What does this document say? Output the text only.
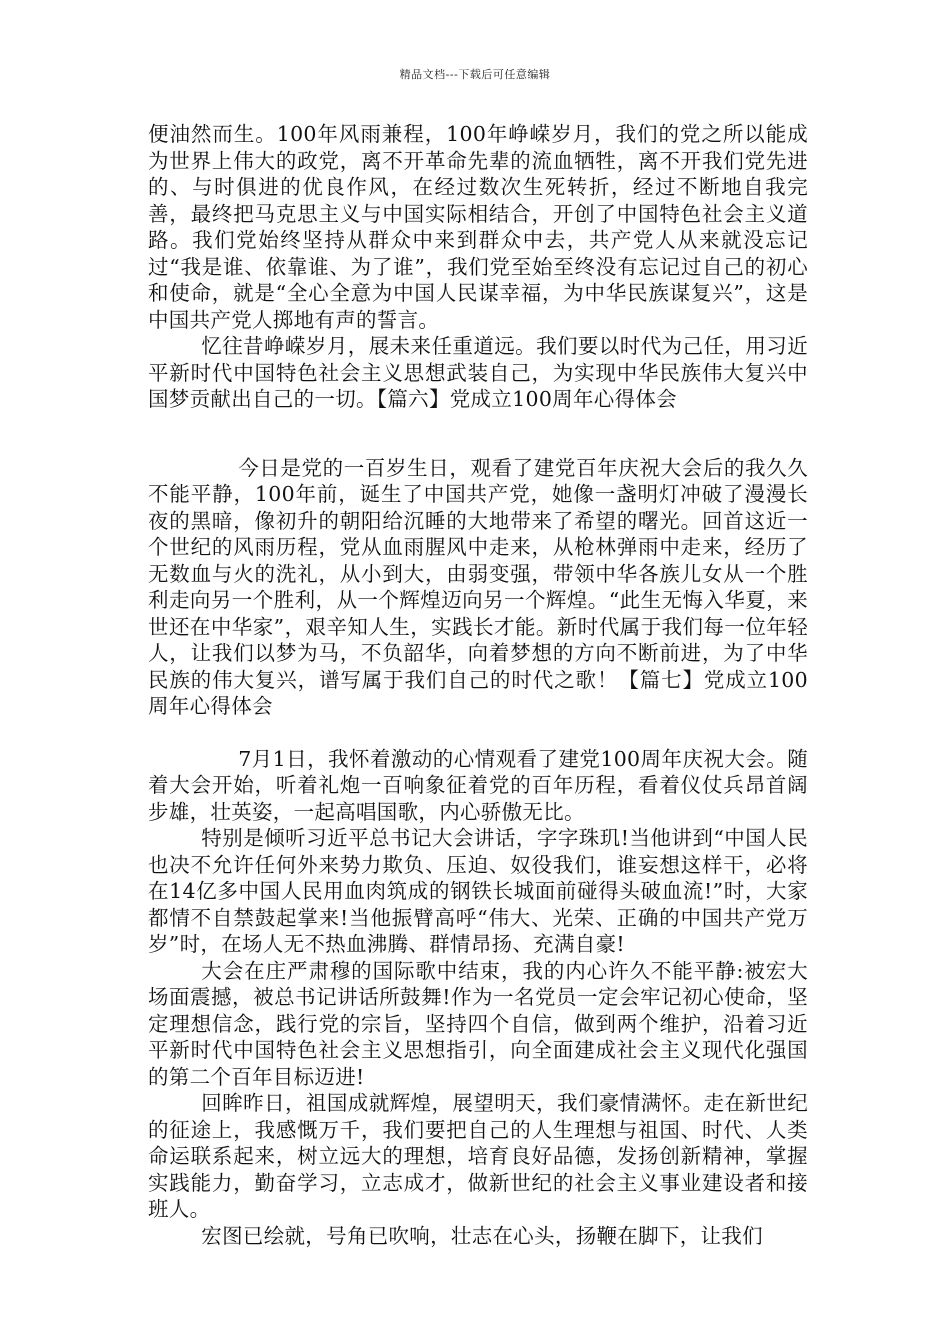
精品文档---下载后可任意编辑

便油然而生。100年风雨兼程，100年峥嵘岁月，我们的党之所以能成为世界上伟大的政党，离不开革命先辈的流血牺牲，离不开我们党先进的、与时俱进的优良作风，在经过数次生死转折，经过不断地自我完善，最终把马克思主义与中国实际相结合，开创了中国特色社会主义道路。我们党始终坚持从群众中来到群众中去，共产党人从来就没忘记过“我是谁、依靠谁、为了谁”，我们党至始至终没有忘记过自己的初心和使命，就是“全心全意为中国人民谋幸福，为中华民族谋复兴”，这是中国共产党人掷地有声的誓言。

忆往昔峥嵘岁月，展未来任重道远。我们要以时代为己任，用习近平新时代中国特色社会主义思想武装自己，为实现中华民族伟大复兴中国梦贡献出自己的一切。【篇六】党成立100周年心得体会

今日是党的一百岁生日，观看了建党百年庆祝大会后的我久久不能平静，100年前，诞生了中国共产党，她像一盏明灯冲破了漫漫长夜的黑暗，像初升的朝阳给沉睡的大地带来了希望的曙光。回首这近一个世纪的风雨历程，党从血雨腥风中走来，从枪林弹雨中走来，经历了无数血与火的洗礼，从小到大，由弱变强，带领中华各族儿女从一个胜利走向另一个胜利，从一个辉煌迈向另一个辉煌。“此生无悔入华夏，来世还在中华家”，艰辛知人生，实践长才能。新时代属于我们每一位年轻人，让我们以梦为马，不负韶华，向着梦想的方向不断前进，为了中华民族的伟大复兴，谱写属于我们自己的时代之歌！【篇七】党成立100周年心得体会

7月1日，我怀着激动的心情观看了建党100周年庆祝大会。随着大会开始，听着礼炮一百响象征着党的百年历程，看着仪仗兵昂首阔步雄，壮英姿，一起高唱国歌，内心骄傲无比。

特别是倾听习近平总书记大会讲话，字字珠玑!当他讲到“中国人民也决不允许任何外来势力欺负、压迫、奴役我们，谁妄想这样干，必将在14亿多中国人民用血肉筑成的钢铁长城面前碰得头破血流!”时，大家都情不自禁鼓起掌来!当他振臂高呼“伟大、光荣、正确的中国共产党万岁”时，在场人无不热血沸腾、群情昂扬、充满自豪!

大会在庄严肃穆的国际歌中结束，我的内心许久不能平静:被宏大场面震撼，被总书记讲话所鼓舞!作为一名党员一定会牢记初心使命，坚定理想信念，践行党的宗旨，坚持四个自信，做到两个维护，沿着习近平新时代中国特色社会主义思想指引，向全面建成社会主义现代化强国的第二个百年目标迈进!

回眸昨日，祖国成就辉煌，展望明天，我们豪情满怀。走在新世纪的征途上，我感慨万千，我们要把自己的人生理想与祖国、时代、人类命运联系起来，树立远大的理想，培育良好品德，发扬创新精神，掌握实践能力，勤奋学习，立志成才，做新世纪的社会主义事业建设者和接班人。

宏图已绘就，号角已吹响，壮志在心头，扬鞭在脚下，让我们
